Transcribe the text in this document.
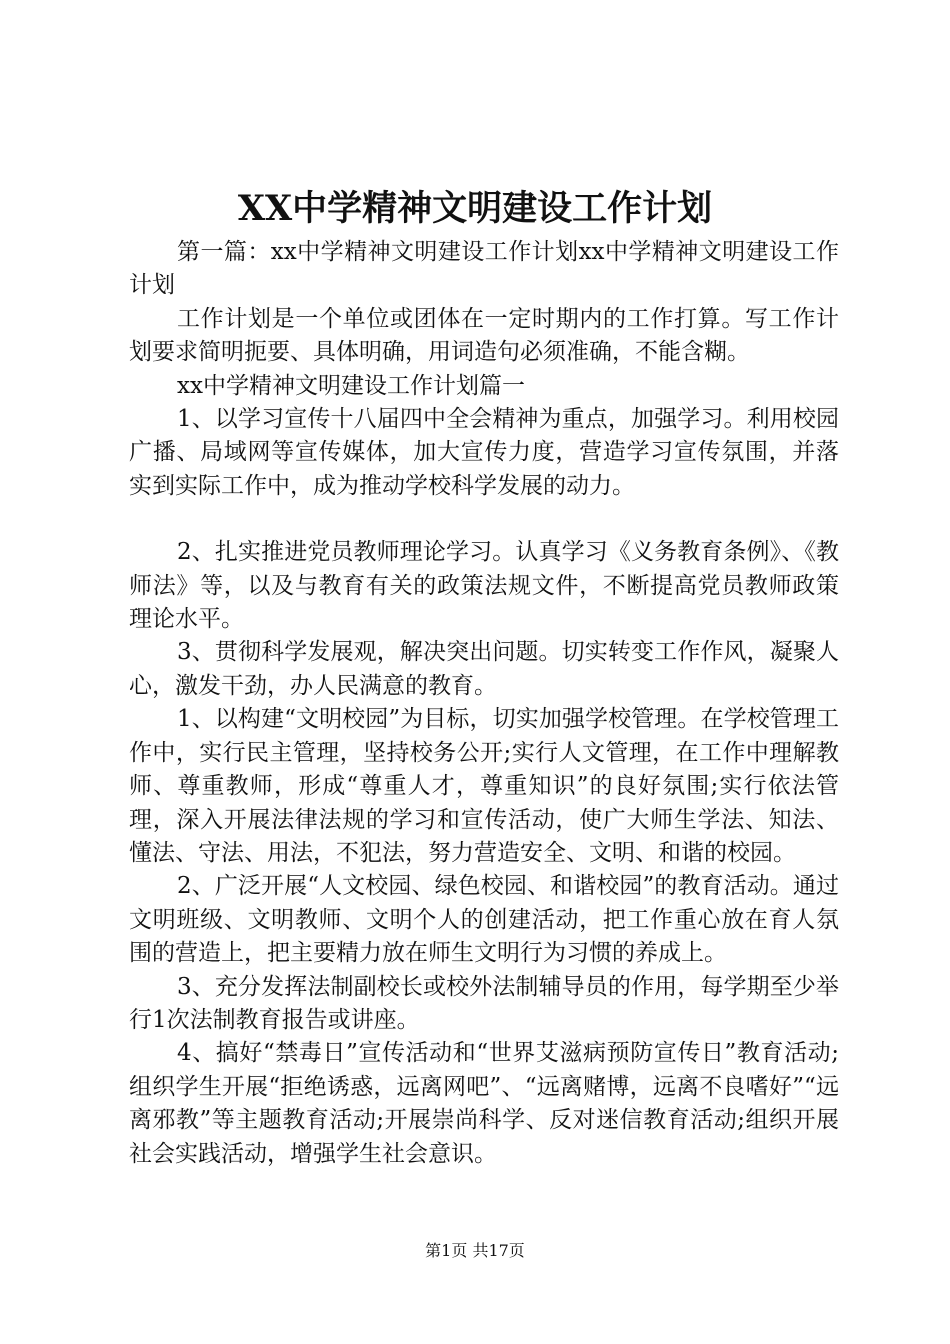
XX中学精神文明建设工作计划

第一篇：xx中学精神文明建设工作计划xx中学精神文明建设工作计划

工作计划是一个单位或团体在一定时期内的工作打算。写工作计划要求简明扼要、具体明确，用词造句必须准确，不能含糊。

xx中学精神文明建设工作计划篇一

1、以学习宣传十八届四中全会精神为重点，加强学习。利用校园广播、局域网等宣传媒体，加大宣传力度，营造学习宣传氛围，并落实到实际工作中，成为推动学校科学发展的动力。

2、扎实推进党员教师理论学习。认真学习《义务教育条例》、《教师法》等，以及与教育有关的政策法规文件，不断提高党员教师政策理论水平。

3、贯彻科学发展观，解决突出问题。切实转变工作作风，凝聚人心，激发干劲，办人民满意的教育。

1、以构建“文明校园”为目标，切实加强学校管理。在学校管理工作中，实行民主管理，坚持校务公开;实行人文管理，在工作中理解教师、尊重教师，形成“尊重人才，尊重知识”的良好氛围;实行依法管理，深入开展法律法规的学习和宣传活动，使广大师生学法、知法、懂法、守法、用法，不犯法，努力营造安全、文明、和谐的校园。

2、广泛开展“人文校园、绿色校园、和谐校园”的教育活动。通过文明班级、文明教师、文明个人的创建活动，把工作重心放在育人氛围的营造上，把主要精力放在师生文明行为习惯的养成上。

3、充分发挥法制副校长或校外法制辅导员的作用，每学期至少举行1次法制教育报告或讲座。

4、搞好“禁毒日”宣传活动和“世界艾滋病预防宣传日”教育活动;组织学生开展“拒绝诱惑，远离网吧”、“远离赌博，远离不良嗜好”“远离邪教”等主题教育活动;开展崇尚科学、反对迷信教育活动;组织开展社会实践活动，增强学生社会意识。

第1页 共17页
